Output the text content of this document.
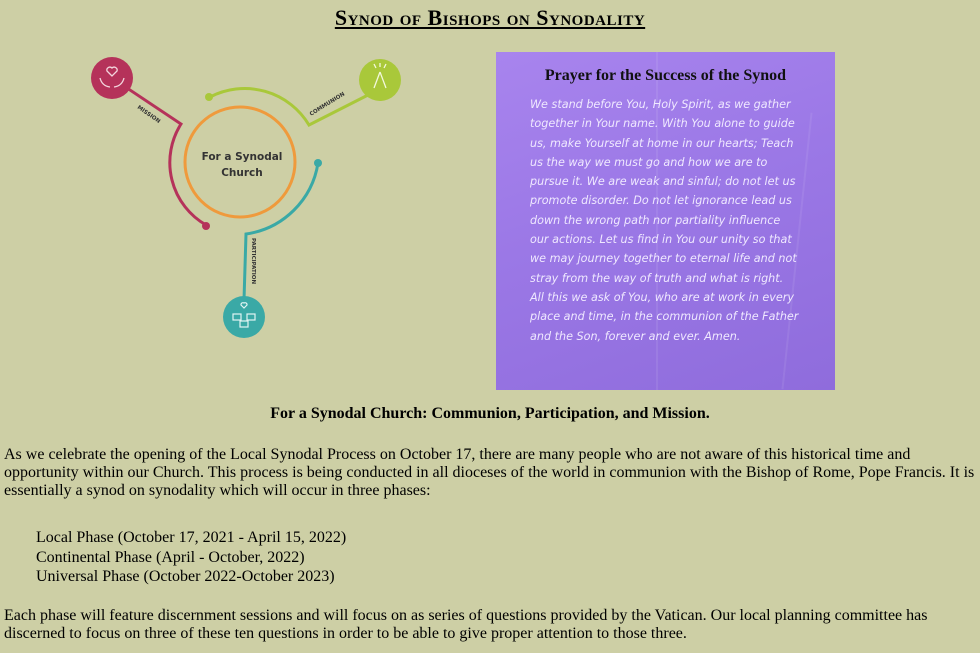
Synod of Bishops on Synodality
For a Synodal
Church
MISSION	COMMUNION
PARTICIPATION
Prayer for the Success of the Synod
We stand before You, Holy Spirit, as we gather
together in Your name. With You alone to guide
us, make Yourself at home in our hearts; Teach
us the way we must go and how we are to
pursue it. We are weak and sinful; do not let us
promote disorder. Do not let ignorance lead us
down the wrong path nor partiality influence
our actions. Let us find in You our unity so that
we may journey together to eternal life and not
stray from the way of truth and what is right.
All this we ask of You, who are at work in every
place and time, in the communion of the Father
and the Son, forever and ever. Amen.
For a Synodal Church: Communion, Participation, and Mission.
As we celebrate the opening of the Local Synodal Process on October 17, there are many people who are not aware of this historical time and opportunity within our Church. This process is being conducted in all dioceses of the world in communion with the Bishop of Rome, Pope Francis. It is essentially a synod on synodality which will occur in three phases:
Local Phase (October 17, 2021 - April 15, 2022)
Continental Phase (April - October, 2022)
Universal Phase (October 2022-October 2023)
Each phase will feature discernment sessions and will focus on as series of questions provided by the Vatican. Our local planning committee has discerned to focus on three of these ten questions in order to be able to give proper attention to those three.
